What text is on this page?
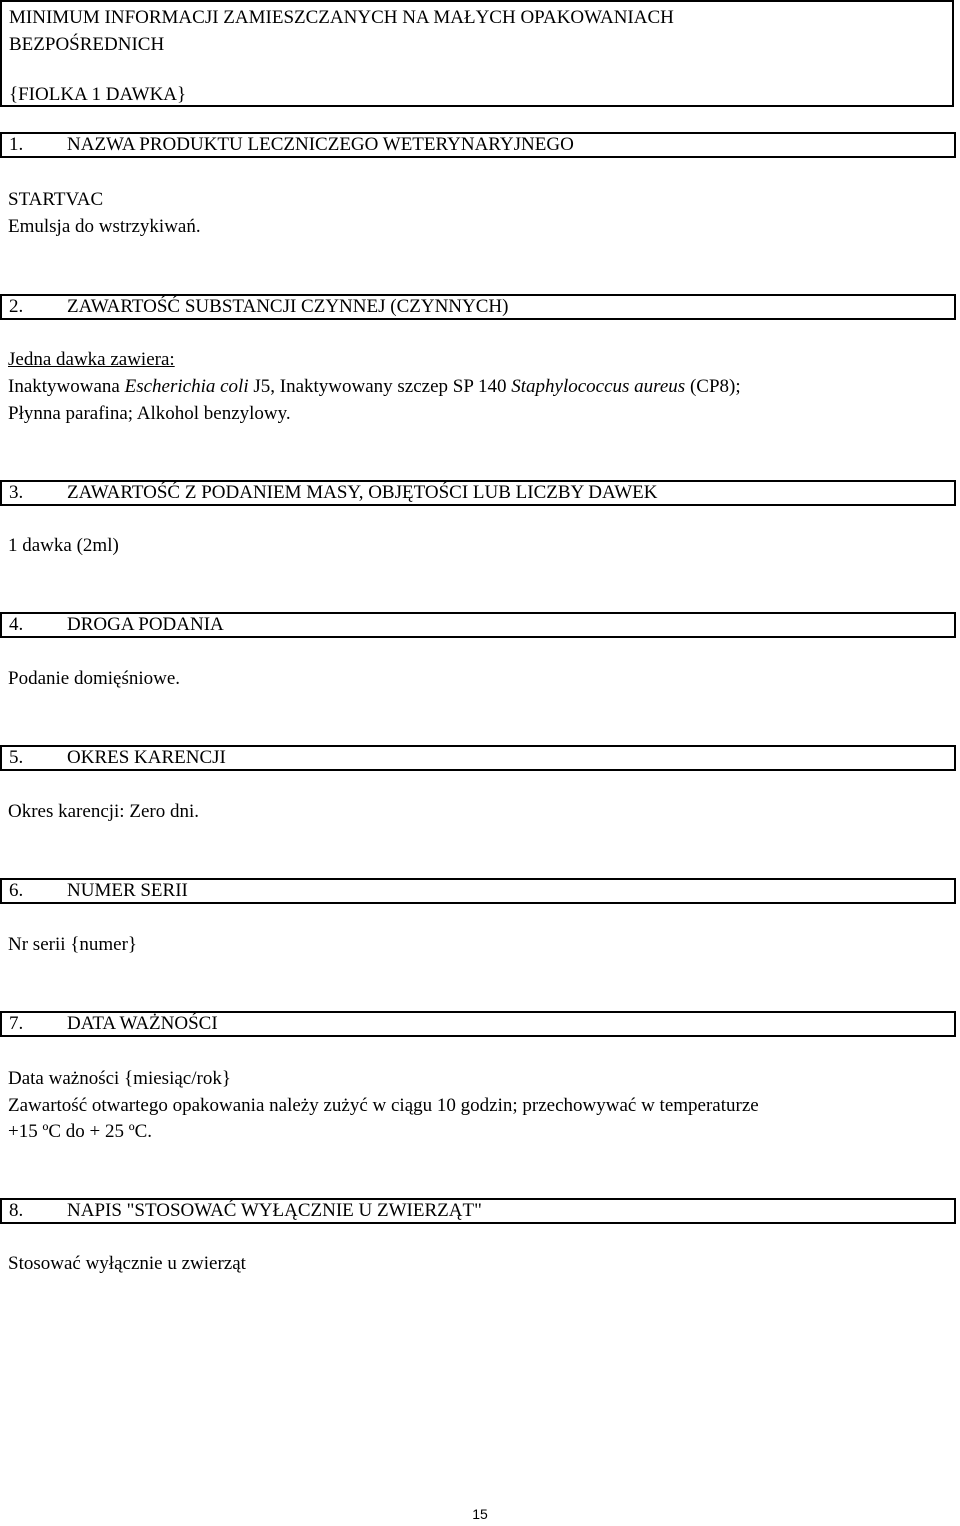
MINIMUM INFORMACJI ZAMIESZCZANYCH NA MAŁYCH OPAKOWANIACH
BEZPOŚREDNICH
{FIOLKA 1 DAWKA}
1. NAZWA PRODUKTU LECZNICZEGO WETERYNARYJNEGO
STARTVAC
Emulsja do wstrzykiwań.
2. ZAWARTOŚĆ SUBSTANCJI CZYNNEJ (CZYNNYCH)
Jedna dawka zawiera:
Inaktywowana Escherichia coli J5, Inaktywowany szczep SP 140 Staphylococcus aureus (CP8);
Płynna parafina; Alkohol benzylowy.
3. ZAWARTOŚĆ Z PODANIEM MASY, OBJĘTOŚCI LUB LICZBY DAWEK
1 dawka (2ml)
4. DROGA PODANIA
Podanie domięśniowe.
5. OKRES KARENCJI
Okres karencji: Zero dni.
6. NUMER SERII
Nr serii {numer}
7. DATA WAŻNOŚCI
Data ważności {miesiąc/rok}
Zawartość otwartego opakowania należy zużyć w ciągu 10 godzin; przechowywać w temperaturze
+15 ºC do + 25 ºC.
8. NAPIS "STOSOWAĆ WYŁĄCZNIE U ZWIERZĄT"
Stosować wyłącznie u zwierząt
15
